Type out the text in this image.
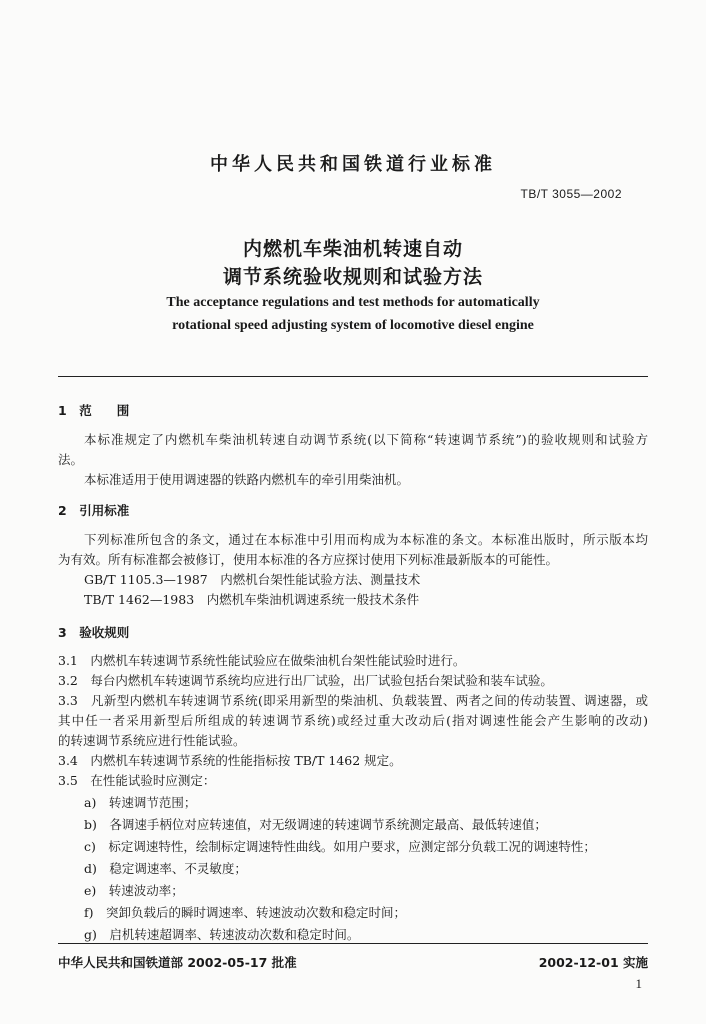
中华人民共和国铁道行业标准
TB/T 3055—2002
内燃机车柴油机转速自动
调节系统验收规则和试验方法
The acceptance regulations and test methods for automatically
rotational speed adjusting system of locomotive diesel engine
1　范　　围
本标准规定了内燃机车柴油机转速自动调节系统(以下简称“转速调节系统”)的验收规则和试验方
法。
本标准适用于使用调速器的铁路内燃机车的牵引用柴油机。
2　引用标准
下列标准所包含的条文，通过在本标准中引用而构成为本标准的条文。本标准出版时，所示版本均
为有效。所有标准都会被修订，使用本标准的各方应探讨使用下列标准最新版本的可能性。
GB/T 1105.3—1987　内燃机台架性能试验方法、测量技术
TB/T 1462—1983　内燃机车柴油机调速系统一般技术条件
3　验收规则
3.1　内燃机车转速调节系统性能试验应在做柴油机台架性能试验时进行。
3.2　每台内燃机车转速调节系统均应进行出厂试验，出厂试验包括台架试验和装车试验。
3.3　凡新型内燃机车转速调节系统(即采用新型的柴油机、负载装置、两者之间的传动装置、调速器，或
其中任一者采用新型后所组成的转速调节系统)或经过重大改动后(指对调速性能会产生影响的改动)
的转速调节系统应进行性能试验。
3.4　内燃机车转速调节系统的性能指标按 TB/T 1462 规定。
3.5　在性能试验时应测定：
a)　转速调节范围；
b)　各调速手柄位对应转速值，对无级调速的转速调节系统测定最高、最低转速值；
c)　标定调速特性，绘制标定调速特性曲线。如用户要求，应测定部分负载工况的调速特性；
d)　稳定调速率、不灵敏度；
e)　转速波动率；
f)　突卸负载后的瞬时调速率、转速波动次数和稳定时间；
g)　启机转速超调率、转速波动次数和稳定时间。
中华人民共和国铁道部 2002-05-17 批准	2002-12-01 实施
1
